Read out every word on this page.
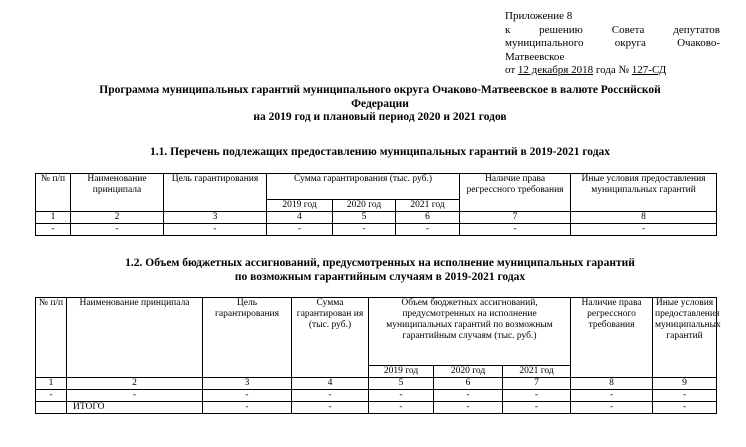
Приложение 8
к решению Совета депутатов
муниципального округа Очаково-
Матвеевское
от 12 декабря 2018 года № 127-СД
Программа муниципальных гарантий муниципального округа Очаково-Матвеевское в валюте Российской
Федерации
на 2019 год и плановый период 2020 и 2021 годов
1.1. Перечень подлежащих предоставлению муниципальных гарантий в 2019-2021 годах
№ п/п	Наименование принципала	Цель гарантирования	Сумма гарантирования (тыс. руб.)			Наличие права регрессного требования	Иные условия предоставления муниципальных гарантий
			2019 год	2020 год	2021 год		
1	2	3	4	5	6	7	8
-	-	-	-	-	-	-	-
1.2. Объем бюджетных ассигнований, предусмотренных на исполнение муниципальных гарантий
по возможным гарантийным случаям в 2019-2021 годах
№ п/п	Наименование принципала	Цель гарантирования	Сумма гарантирован ия (тыс. руб.)	Объем бюджетных ассигнований, предусмотренных на исполнение муниципальных гарантий по возможным гарантийным случаям (тыс. руб.)			Наличие права регрессного требования	Иные условия предоставления муниципальных гарантий
				2019 год	2020 год	2021 год		
1	2	3	4	5	6	7	8	9
-	-	-	-	-	-	-	-	-
	ИТОГО	-	-	-	-	-	-	-
